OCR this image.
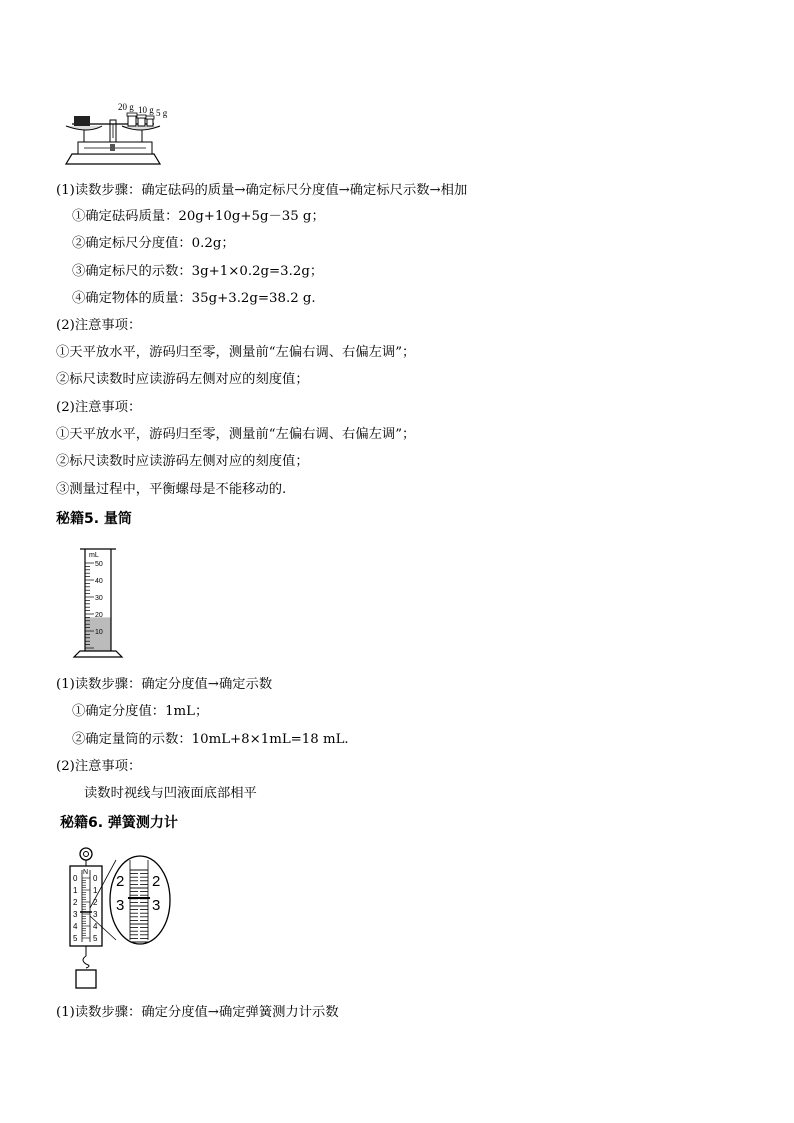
20 g 10 g 5 g
(1)读数步骤：确定砝码的质量→确定标尺分度值→确定标尺示数→相加
①确定砝码质量：20g+10g+5g－35 g；
②确定标尺分度值：0.2g；
③确定标尺的示数：3g+1×0.2g=3.2g；
④确定物体的质量：35g+3.2g=38.2 g.
(2)注意事项：
①天平放水平，游码归至零，测量前“左偏右调、右偏左调”；
②标尺读数时应读游码左侧对应的刻度值；
(2)注意事项：
①天平放水平，游码归至零，测量前“左偏右调、右偏左调”；
②标尺读数时应读游码左侧对应的刻度值；
③测量过程中，平衡螺母是不能移动的.
秘籍5. 量筒
mL
50
40
30
20
10
(1)读数步骤：确定分度值→确定示数
①确定分度值：1mL；
②确定量筒的示数：10mL+8×1mL=18 mL.
(2)注意事项：
读数时视线与凹液面底部相平
秘籍6. 弹簧测力计
N
0
1
2
3
4
5
0
1
2
3
4
5
2
3
2
3
(1)读数步骤：确定分度值→确定弹簧测力计示数
